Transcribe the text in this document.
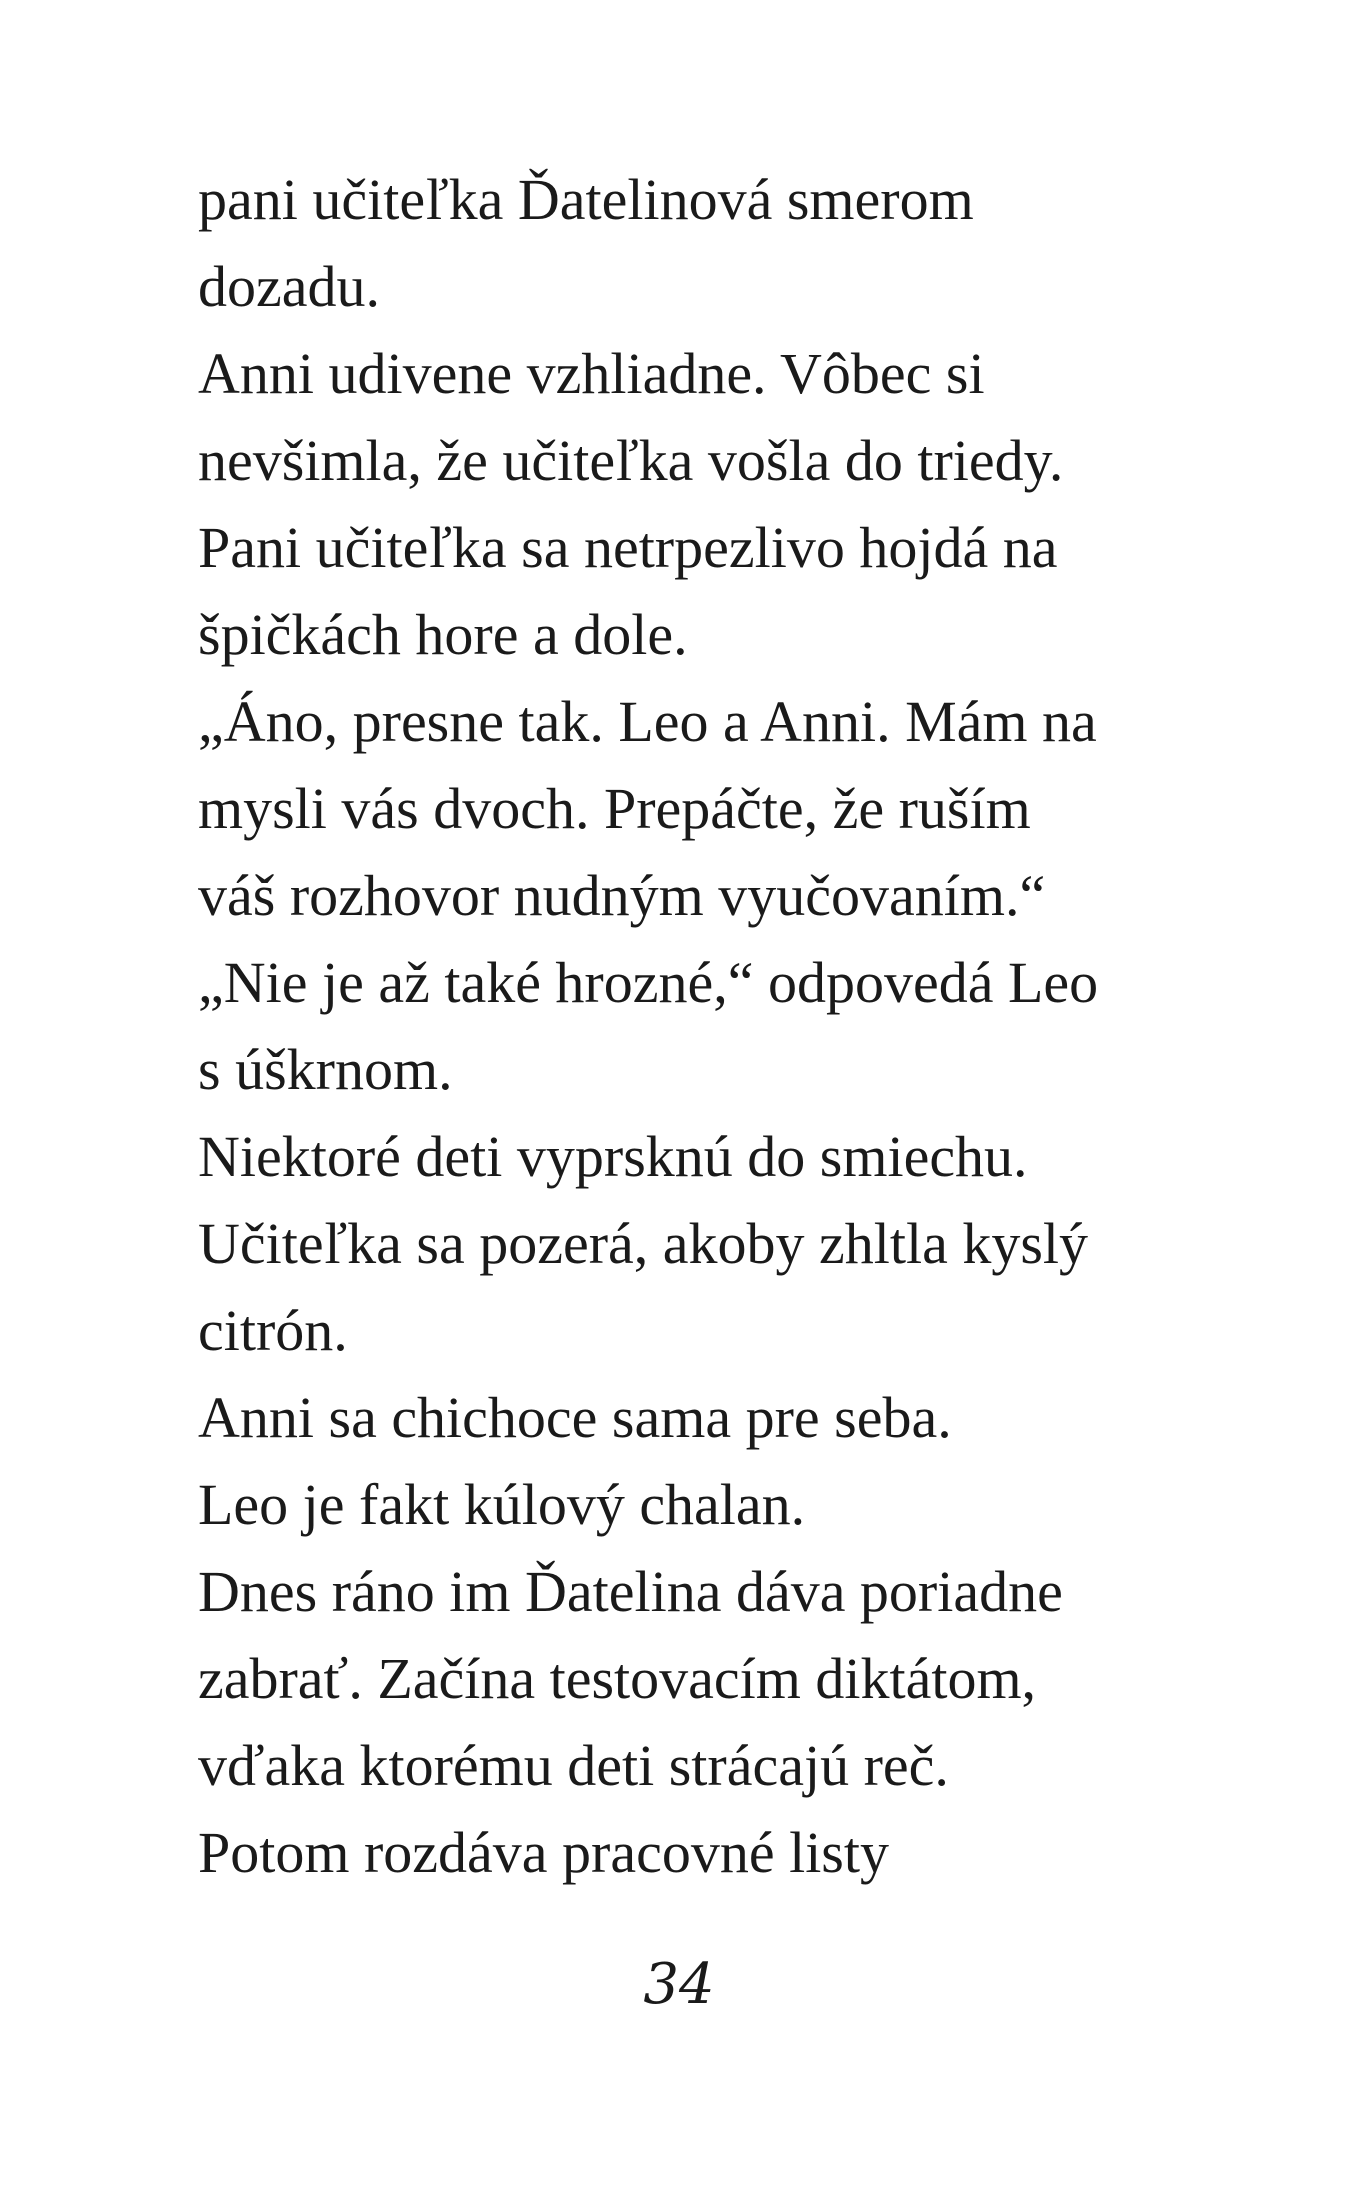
pani učiteľka Ďatelinová smerom
dozadu.
Anni udivene vzhliadne. Vôbec si
nevšimla, že učiteľka vošla do triedy.
Pani učiteľka sa netrpezlivo hojdá na
špičkách hore a dole.
„Áno, presne tak. Leo a Anni. Mám na
mysli vás dvoch. Prepáčte, že ruším
váš rozhovor nudným vyučovaním.“
„Nie je až také hrozné,“ odpovedá Leo
s úškrnom.
Niektoré deti vyprsknú do smiechu.
Učiteľka sa pozerá, akoby zhltla kyslý
citrón.
Anni sa chichoce sama pre seba.
Leo je fakt kúlový chalan.
Dnes ráno im Ďatelina dáva poriadne
zabrať. Začína testovacím diktátom,
vďaka ktorému deti strácajú reč.
Potom rozdáva pracovné listy
34
